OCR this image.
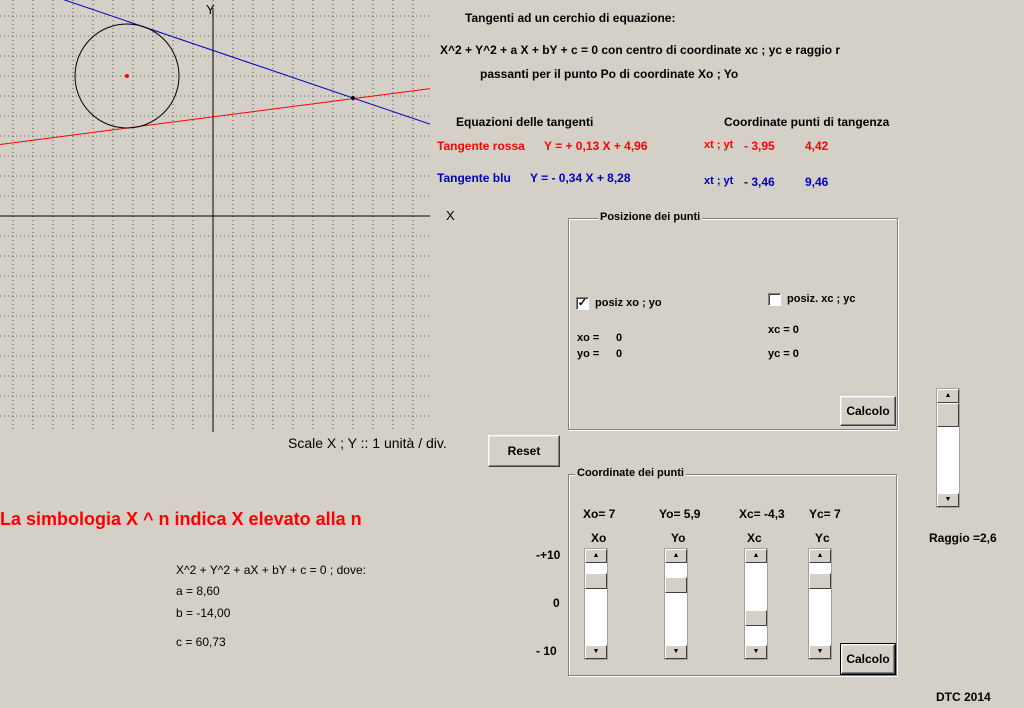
Y
X
Scale X ; Y :: 1 unità / div.
Tangenti ad un cerchio di equazione:
X^2 + Y^2 + a X + bY + c = 0 con centro di coordinate xc ; yc e raggio r
passanti per il punto Po di coordinate Xo ; Yo
Equazioni delle tangenti	Coordinate punti di tangenza
Tangente rossa Y = + 0,13 X + 4,96	xt ; yt - 3,95	4,42
Tangente blu Y = - 0,34 X + 8,28	xt ; yt - 3,46	9,46
Posizione dei punti
✓ posiz xo ; yo	posiz. xc ; yc
xo = 0
yo = 0
xc = 0
yc = 0
Calcolo
Reset
▲
▼
Raggio =2,6
La simbologia X ^ n indica X elevato alla n
X^2 + Y^2 + aX + bY + c = 0 ; dove:
a = 8,60
b = -14,00
c = 60,73
Coordinate dei punti
-+10
0
- 10
Xo= 7
Xo
▲
▼
Yo= 5,9
Yo
▲
▼
Xc= -4,3
Xc
▲
▼
Yc= 7
Yc
▲
▼
Calcolo
DTC 2014
